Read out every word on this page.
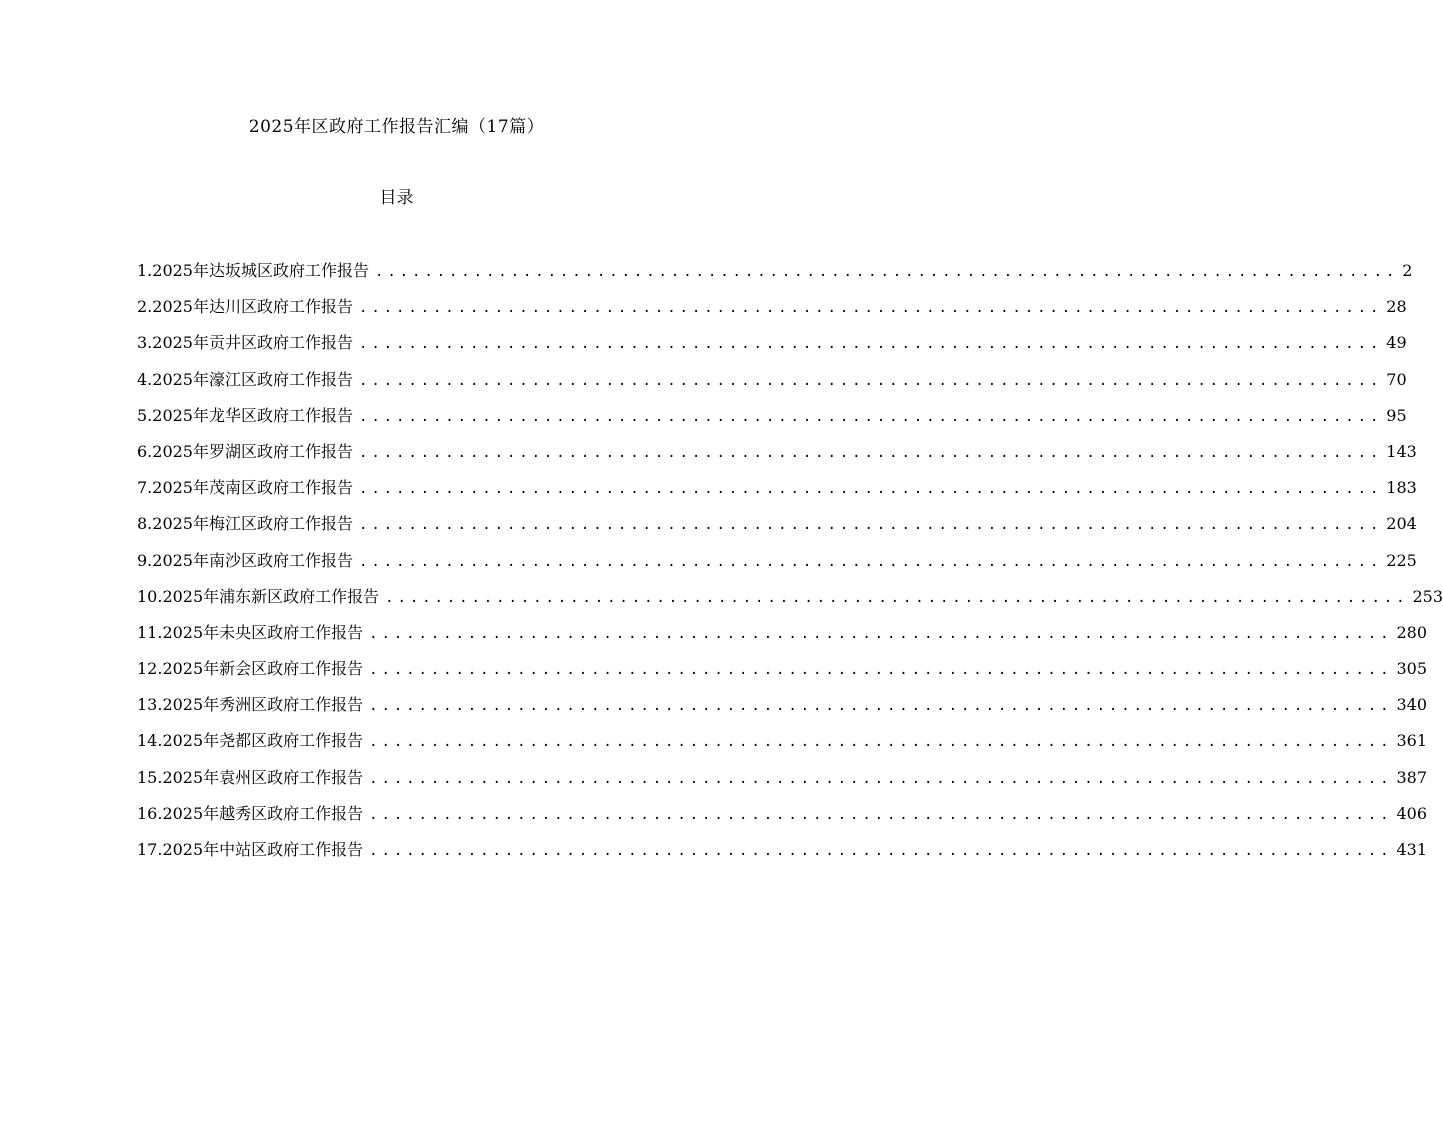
2025年区政府工作报告汇编（17篇）
目录
1.2025年达坂城区政府工作报告 ................................................................................... 2
2.2025年达川区政府工作报告 ................................................................................... 28
3.2025年贡井区政府工作报告 ................................................................................... 49
4.2025年濠江区政府工作报告 ................................................................................... 70
5.2025年龙华区政府工作报告 ................................................................................... 95
6.2025年罗湖区政府工作报告 ................................................................................... 143
7.2025年茂南区政府工作报告 ................................................................................... 183
8.2025年梅江区政府工作报告 ................................................................................... 204
9.2025年南沙区政府工作报告 ................................................................................... 225
10.2025年浦东新区政府工作报告 ................................................................................... 253
11.2025年未央区政府工作报告 ................................................................................... 280
12.2025年新会区政府工作报告 ................................................................................... 305
13.2025年秀洲区政府工作报告 ................................................................................... 340
14.2025年尧都区政府工作报告 ................................................................................... 361
15.2025年袁州区政府工作报告 ................................................................................... 387
16.2025年越秀区政府工作报告 ................................................................................... 406
17.2025年中站区政府工作报告 ................................................................................... 431
